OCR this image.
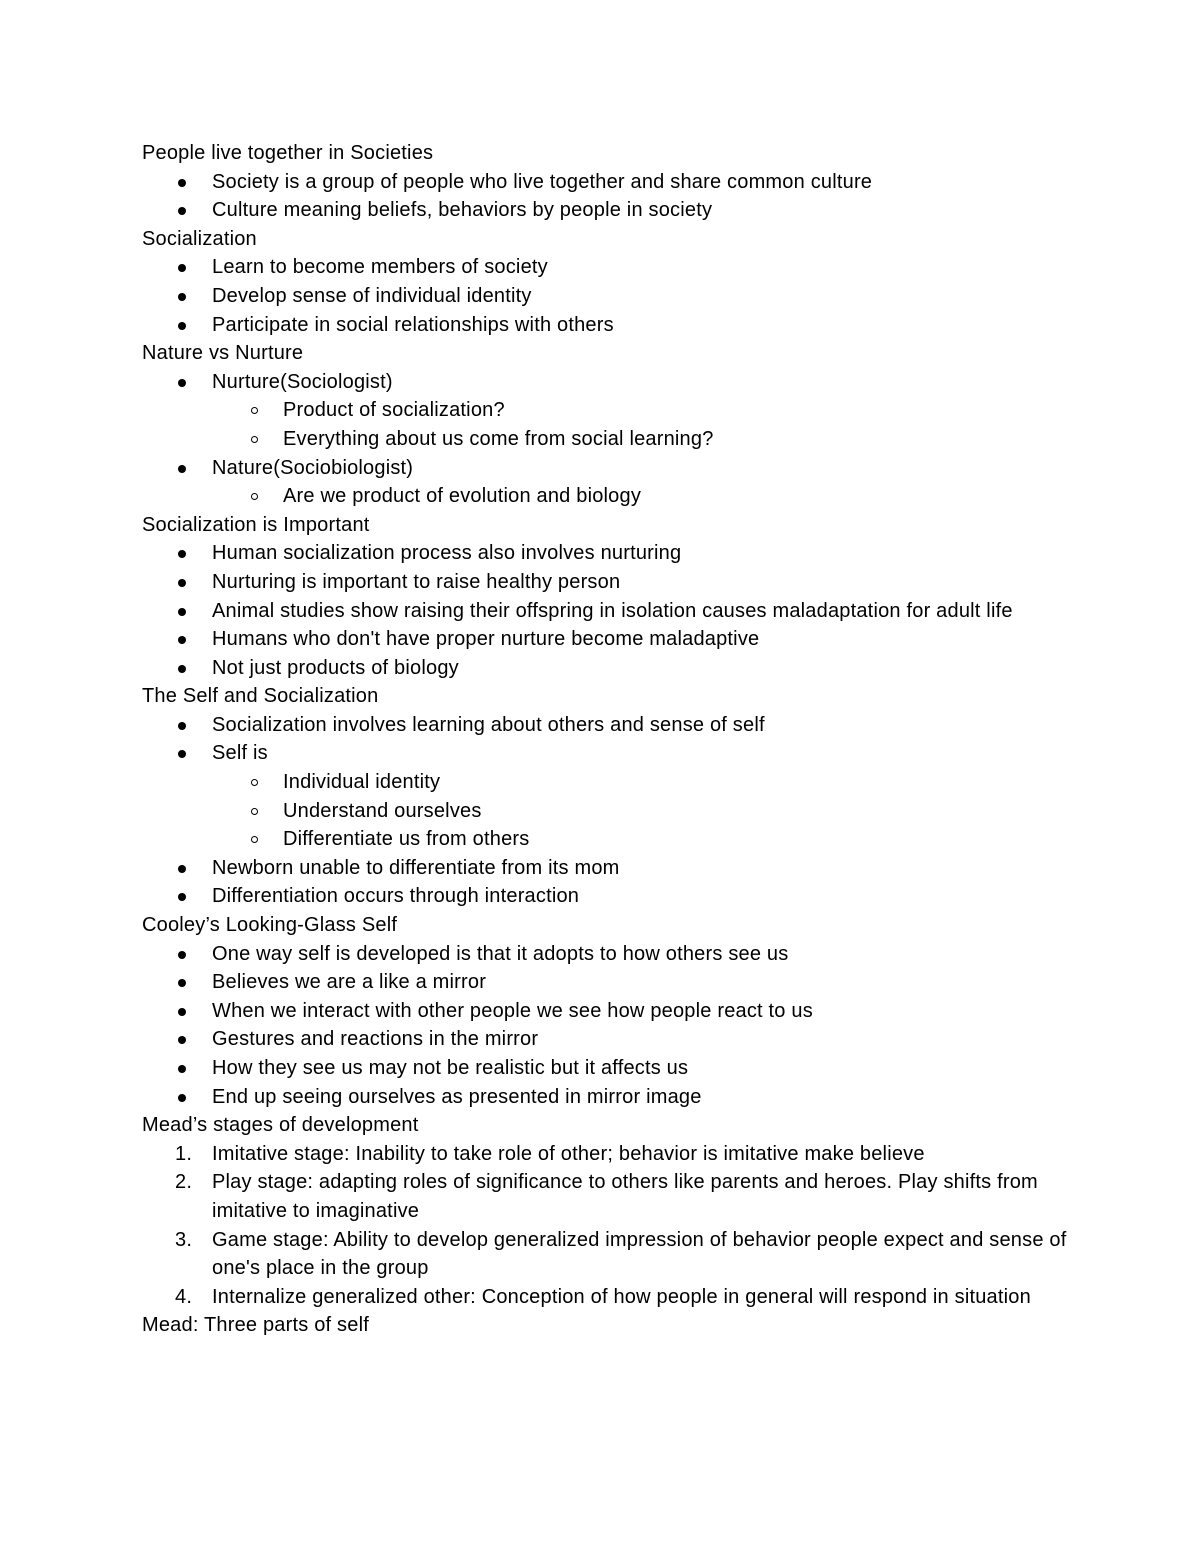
People live together in Societies
Society is a group of people who live together and share common culture
Culture meaning beliefs, behaviors by people in society
Socialization
Learn to become members of society
Develop sense of individual identity
Participate in social relationships with others
Nature vs Nurture
Nurture(Sociologist)
Product of socialization?
Everything about us come from social learning?
Nature(Sociobiologist)
Are we product of evolution and biology
Socialization is Important
Human socialization process also involves nurturing
Nurturing is important to raise healthy person
Animal studies show raising their offspring in isolation causes maladaptation for adult life
Humans who don't have proper nurture become maladaptive
Not just products of biology
The Self and Socialization
Socialization involves learning about others and sense of self
Self is
Individual identity
Understand ourselves
Differentiate us from others
Newborn unable to differentiate from its mom
Differentiation occurs through interaction
Cooley’s Looking-Glass Self
One way self is developed is that it adopts to how others see us
Believes we are a like a mirror
When we interact with other people we see how people react to us
Gestures and reactions in the mirror
How they see us may not be realistic but it affects us
End up seeing ourselves as presented in mirror image
Mead’s stages of development
1. Imitative stage: Inability to take role of other; behavior is imitative make believe
2. Play stage: adapting roles of significance to others like parents and heroes. Play shifts from imitative to imaginative
3. Game stage: Ability to develop generalized impression of behavior people expect and sense of one's place in the group
4. Internalize generalized other: Conception of how people in general will respond in situation
Mead: Three parts of self
